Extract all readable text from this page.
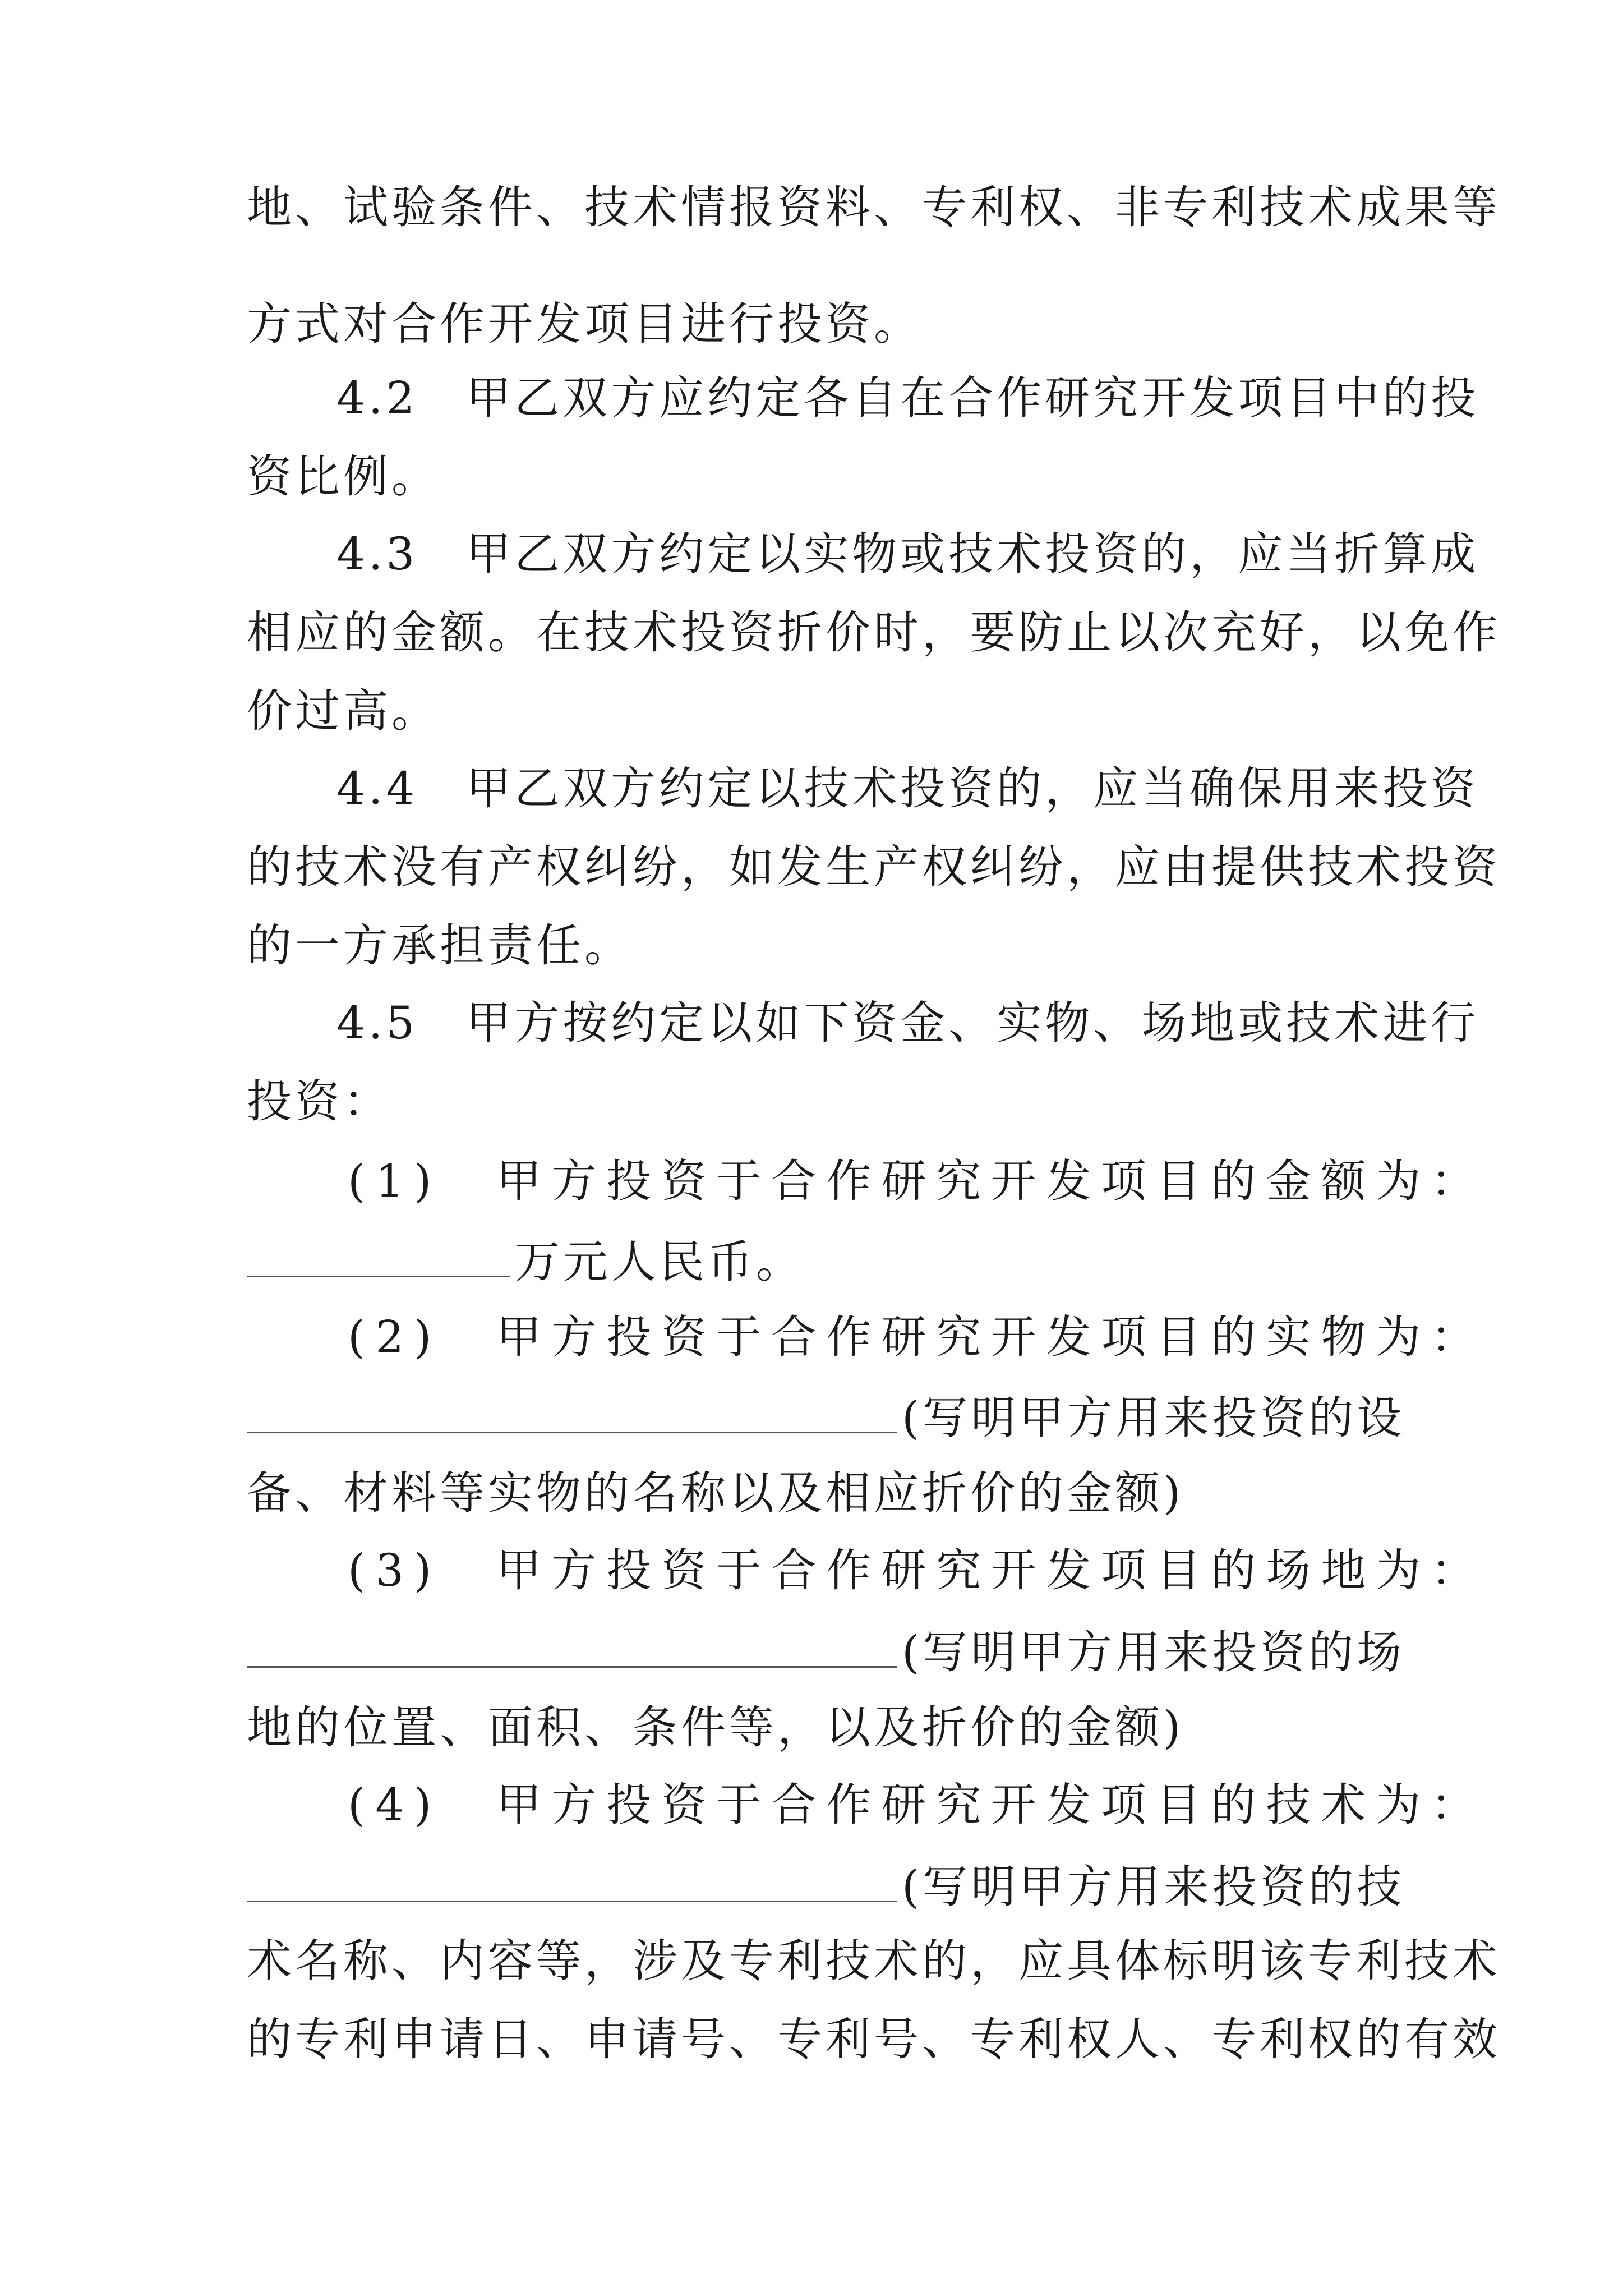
地、试验条件、技术情报资料、专利权、非专利技术成果等
方式对合作开发项目进行投资。
4.2　甲乙双方应约定各自在合作研究开发项目中的投
资比例。
4.3　甲乙双方约定以实物或技术投资的，应当折算成
相应的金额。在技术投资折价时，要防止以次充好，以免作
价过高。
4.4　甲乙双方约定以技术投资的，应当确保用来投资
的技术没有产权纠纷，如发生产权纠纷，应由提供技术投资
的一方承担责任。
4.5　甲方按约定以如下资金、实物、场地或技术进行
投资：
(1)　甲方投资于合作研究开发项目的金额为：
万元人民币。
(2)　甲方投资于合作研究开发项目的实物为：
(写明甲方用来投资的设
备、材料等实物的名称以及相应折价的金额)
(3)　甲方投资于合作研究开发项目的场地为：
(写明甲方用来投资的场
地的位置、面积、条件等，以及折价的金额)
(4)　甲方投资于合作研究开发项目的技术为：
(写明甲方用来投资的技
术名称、内容等，涉及专利技术的，应具体标明该专利技术
的专利申请日、申请号、专利号、专利权人、专利权的有效
